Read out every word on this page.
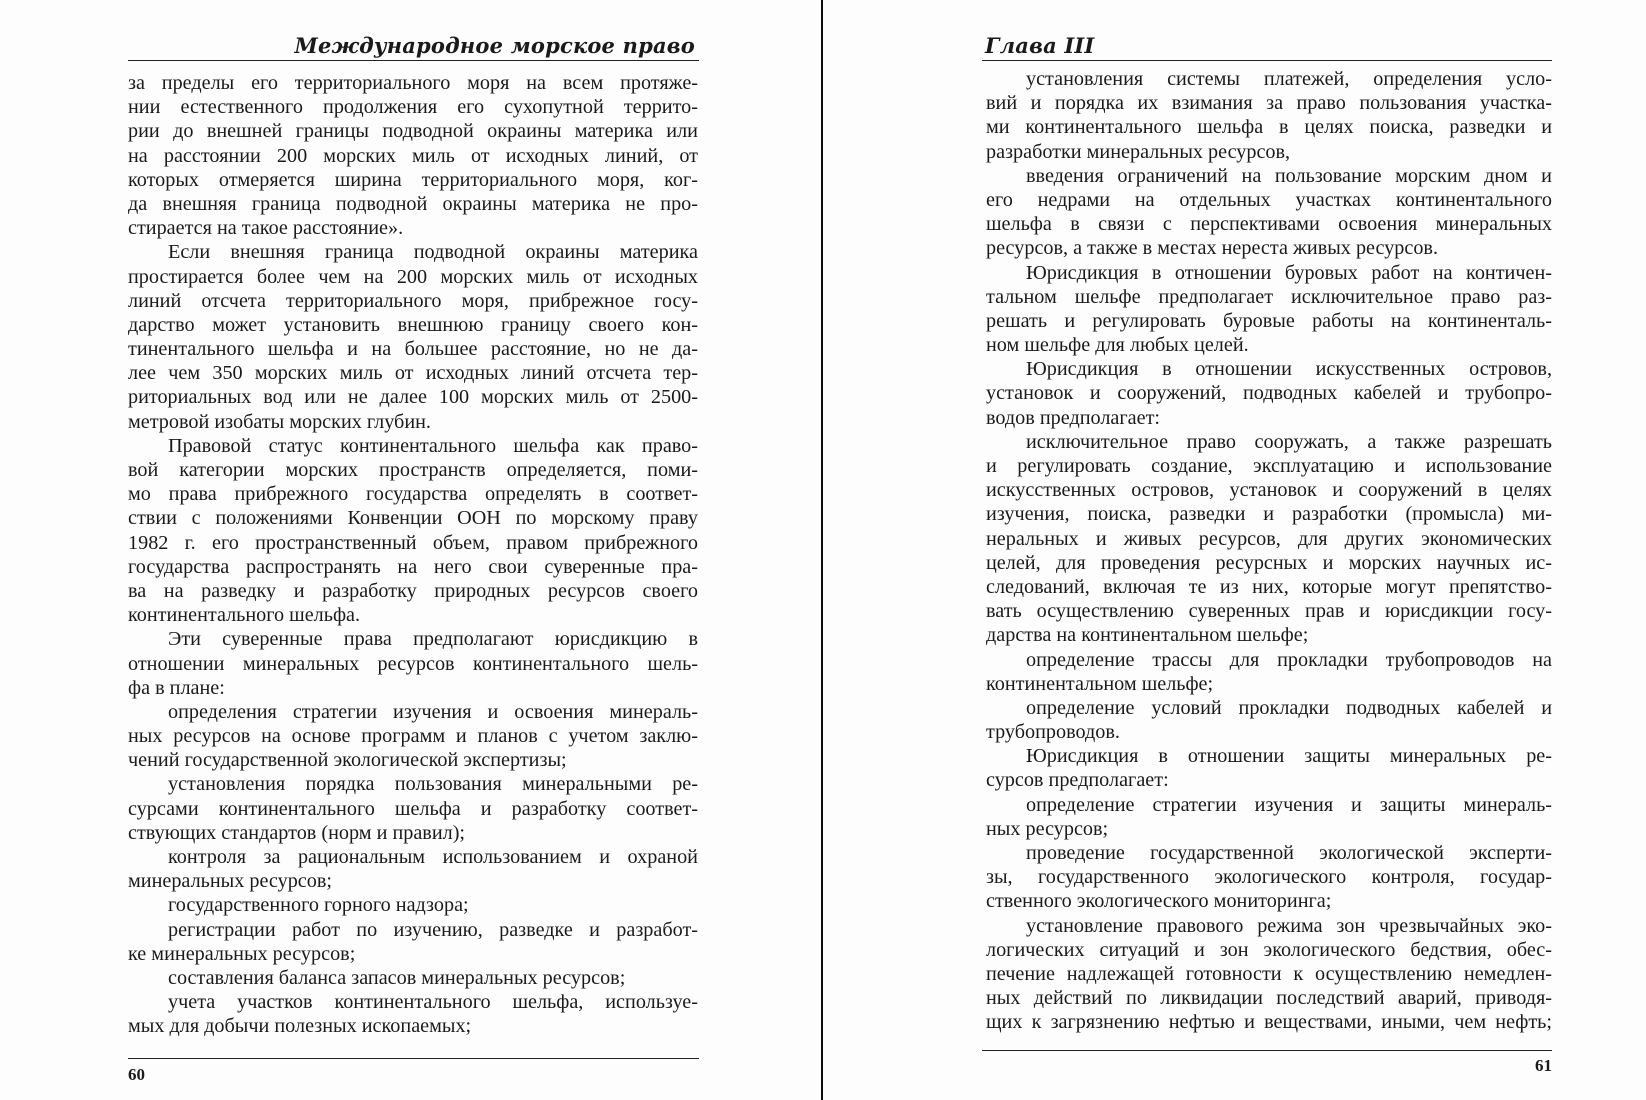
Международное морское право
за пределы его территориального моря на всем протяже-
нии естественного продолжения его сухопутной террито-
рии до внешней границы подводной окраины материка или
на расстоянии 200 морских миль от исходных линий, от
которых отмеряется ширина территориального моря, ког-
да внешняя граница подводной окраины материка не про-
стирается на такое расстояние».
Если внешняя граница подводной окраины материка
простирается более чем на 200 морских миль от исходных
линий отсчета территориального моря, прибрежное госу-
дарство может установить внешнюю границу своего кон-
тинентального шельфа и на большее расстояние, но не да-
лее чем 350 морских миль от исходных линий отсчета тер-
риториальных вод или не далее 100 морских миль от 2500-
метровой изобаты морских глубин.
Правовой статус континентального шельфа как право-
вой категории морских пространств определяется, поми-
мо права прибрежного государства определять в соответ-
ствии с положениями Конвенции ООН по морскому праву
1982 г. его пространственный объем, правом прибрежного
государства распространять на него свои суверенные пра-
ва на разведку и разработку природных ресурсов своего
континентального шельфа.
Эти суверенные права предполагают юрисдикцию в
отношении минеральных ресурсов континентального шель-
фа в плане:
определения стратегии изучения и освоения минераль-
ных ресурсов на основе программ и планов с учетом заклю-
чений государственной экологической экспертизы;
установления порядка пользования минеральными ре-
сурсами континентального шельфа и разработку соответ-
ствующих стандартов (норм и правил);
контроля за рациональным использованием и охраной
минеральных ресурсов;
государственного горного надзора;
регистрации работ по изучению, разведке и разработ-
ке минеральных ресурсов;
составления баланса запасов минеральных ресурсов;
учета участков континентального шельфа, используе-
мых для добычи полезных ископаемых;
60
Глава III
установления системы платежей, определения усло-
вий и порядка их взимания за право пользования участка-
ми континентального шельфа в целях поиска, разведки и
разработки минеральных ресурсов,
введения ограничений на пользование морским дном и
его недрами на отдельных участках континентального
шельфа в связи с перспективами освоения минеральных
ресурсов, а также в местах нереста живых ресурсов.
Юрисдикция в отношении буровых работ на контичен-
тальном шельфе предполагает исключительное право раз-
решать и регулировать буровые работы на континенталь-
ном шельфе для любых целей.
Юрисдикция в отношении искусственных островов,
установок и сооружений, подводных кабелей и трубопро-
водов предполагает:
исключительное право сооружать, а также разрешать
и регулировать создание, эксплуатацию и использование
искусственных островов, установок и сооружений в целях
изучения, поиска, разведки и разработки (промысла) ми-
неральных и живых ресурсов, для других экономических
целей, для проведения ресурсных и морских научных ис-
следований, включая те из них, которые могут препятство-
вать осуществлению суверенных прав и юрисдикции госу-
дарства на континентальном шельфе;
определение трассы для прокладки трубопроводов на
континентальном шельфе;
определение условий прокладки подводных кабелей и
трубопроводов.
Юрисдикция в отношении защиты минеральных ре-
сурсов предполагает:
определение стратегии изучения и защиты минераль-
ных ресурсов;
проведение государственной экологической эксперти-
зы, государственного экологического контроля, государ-
ственного экологического мониторинга;
установление правового режима зон чрезвычайных эко-
логических ситуаций и зон экологического бедствия, обес-
печение надлежащей готовности к осуществлению немедлен-
ных действий по ликвидации последствий аварий, приводя-
щих к загрязнению нефтью и веществами, иными, чем нефть;
61
